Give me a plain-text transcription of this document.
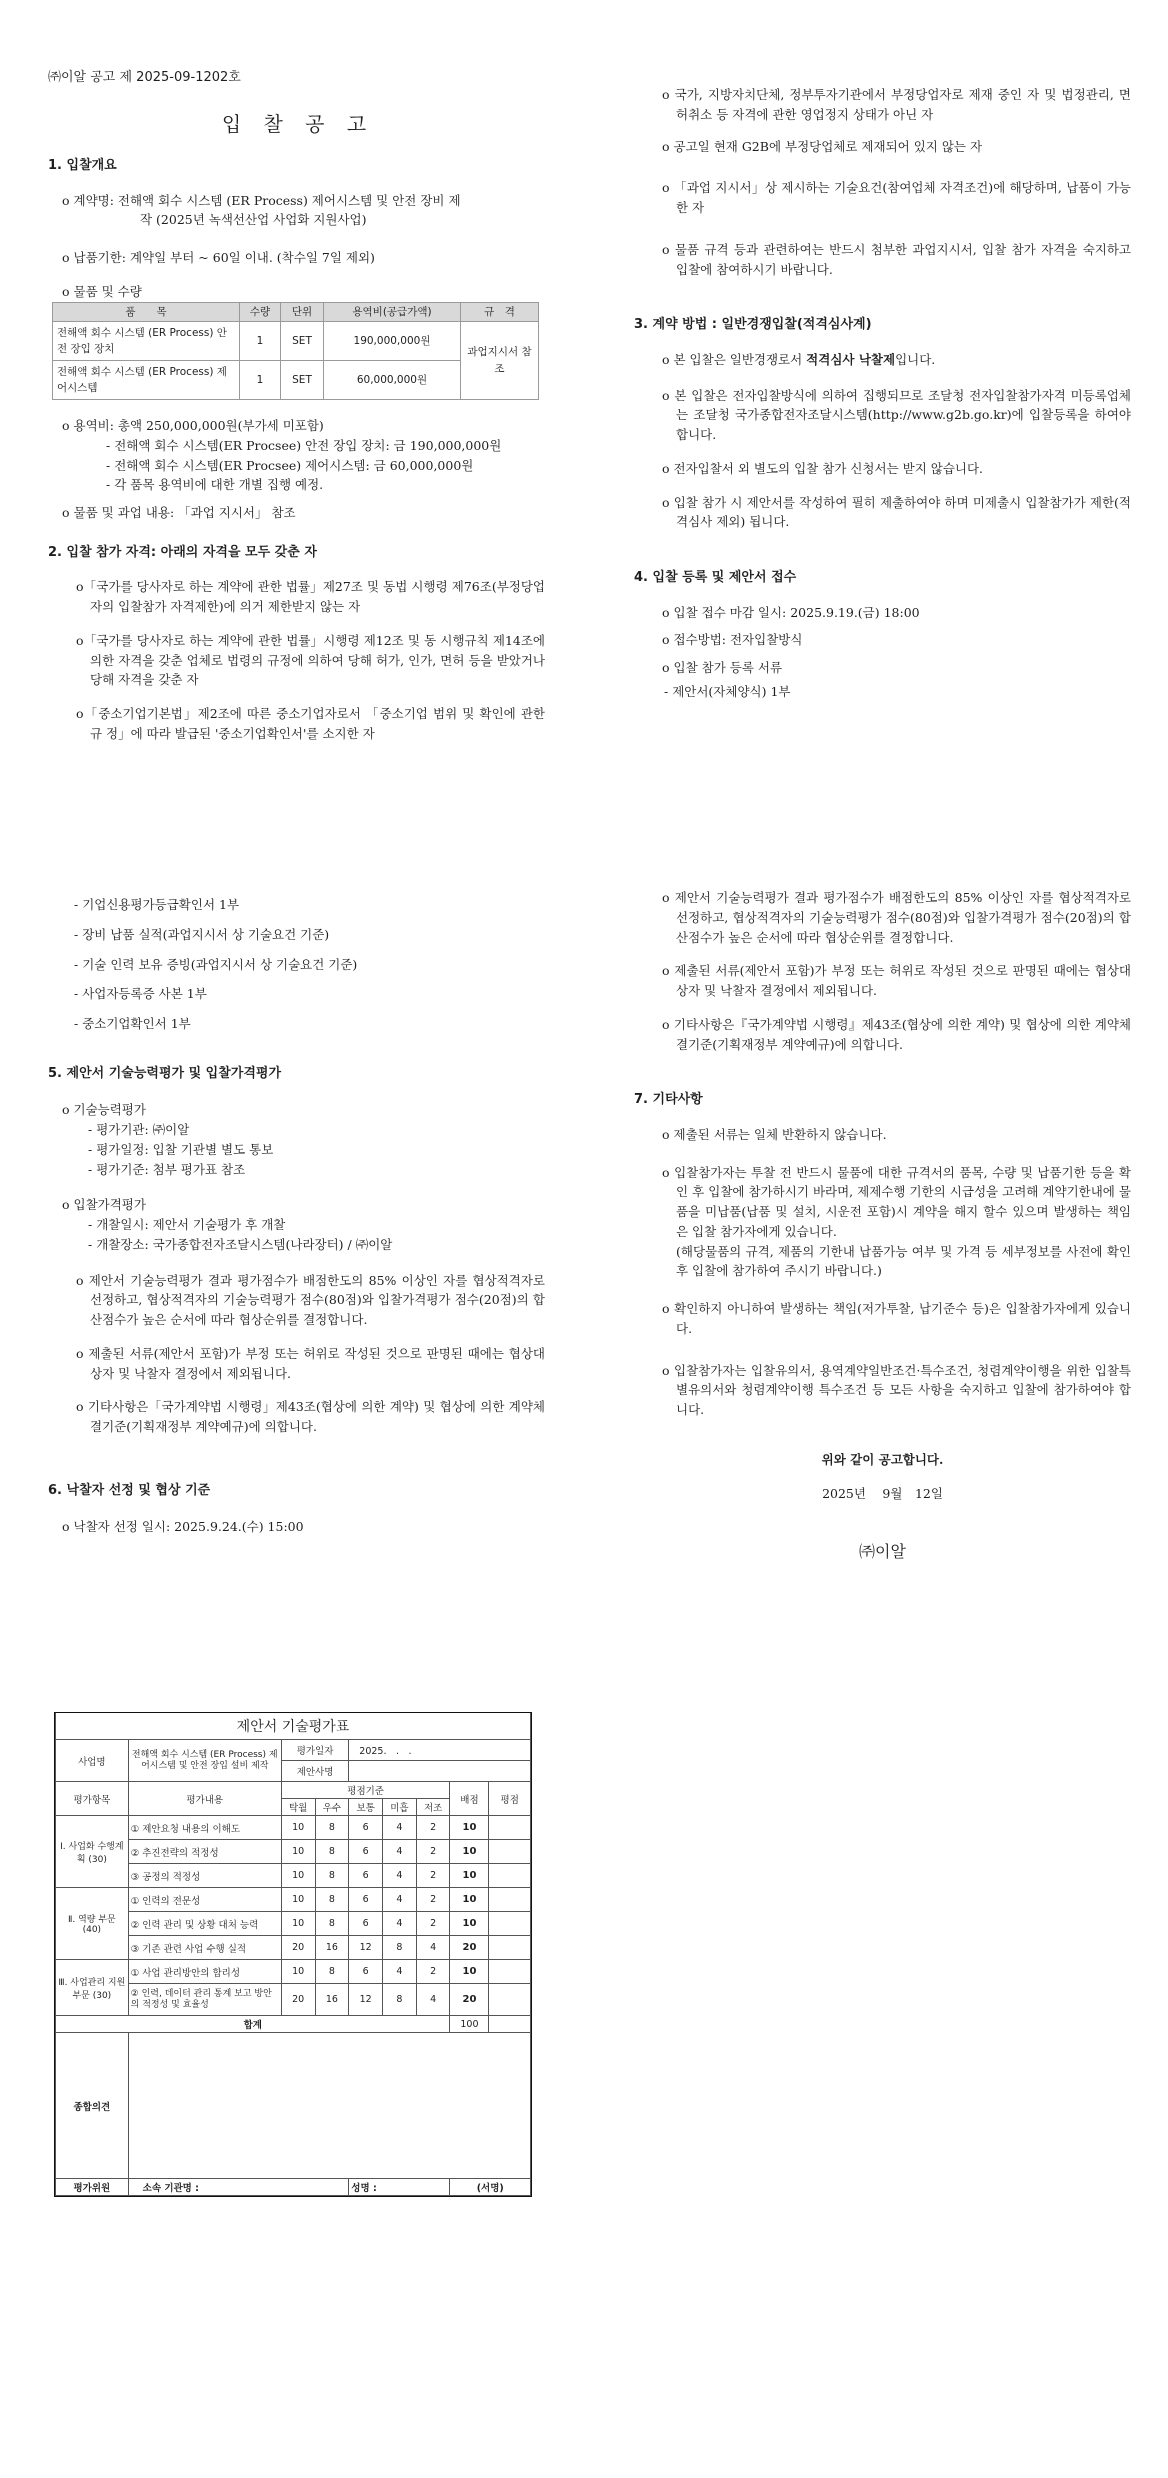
㈜이알 공고 제 2025-09-1202호
입 찰 공 고

1. 입찰개요

o 계약명: 전해액 회수 시스템 (ER Process) 제어시스템 및 안전 장비 제

작 (2025년 녹색선산업 사업화 지원사업)

o 납품기한: 계약일 부터 ~ 60일 이내. (착수일 7일 제외)

o 물품 및 수량

품　　목	수량	단위	용역비(공급가액)	규　격
전해액 회수 시스템 (ER Process) 안전 장입 장치	1	SET	190,000,000원	과업지시서 참조
전해액 회수 시스템 (ER Process) 제어시스템	1	SET	60,000,000원	

o 용역비: 총액 250,000,000원(부가세 미포함)

- 전해액 회수 시스템(ER Procsee) 안전 장입 장치: 금 190,000,000원

- 전해액 회수 시스템(ER Procsee) 제어시스템: 금 60,000,000원

- 각 품목 용역비에 대한 개별 집행 예정.

o 물품 및 과업 내용: 「과업 지시서」 참조

2. 입찰 참가 자격: 아래의 자격을 모두 갖춘 자

o「국가를 당사자로 하는 계약에 관한 법률」제27조 및 동법 시행령 제76조(부정당업자의 입찰참가 자격제한)에 의거 제한받지 않는 자

o「국가를 당사자로 하는 계약에 관한 법률」시행령 제12조 및 동 시행규칙 제14조에 의한 자격을 갖춘 업체로 법령의 규정에 의하여 당해 허가, 인가, 면허 등을 받았거나 당해 자격을 갖춘 자

o「중소기업기본법」제2조에 따른 중소기업자로서 「중소기업 범위 및 확인에 관한 규 정」에 따라 발급된 '중소기업확인서'를 소지한 자

o 국가, 지방자치단체, 정부투자기관에서 부정당업자로 제재 중인 자 및 법정관리, 면허취소 등 자격에 관한 영업정지 상태가 아닌 자

o 공고일 현재 G2B에 부정당업체로 제재되어 있지 않는 자

o 「과업 지시서」상 제시하는 기술요건(참여업체 자격조건)에 해당하며, 납품이 가능한 자

o 물품 규격 등과 관련하여는 반드시 첨부한 과업지시서, 입찰 참가 자격을 숙지하고 입찰에 참여하시기 바랍니다.

3. 계약 방법 : 일반경쟁입찰(적격심사계)

o 본 입찰은 일반경쟁로서 적격심사 낙찰제입니다.

o 본 입찰은 전자입찰방식에 의하여 집행되므로 조달청 전자입찰참가자격 미등록업체는 조달청 국가종합전자조달시스템(http://www.g2b.go.kr)에 입찰등록을 하여야 합니다.

o 전자입찰서 외 별도의 입찰 참가 신청서는 받지 않습니다.

o 입찰 참가 시 제안서를 작성하여 필히 제출하여야 하며 미제출시 입찰참가가 제한(적격심사 제외) 됩니다.

4. 입찰 등록 및 제안서 접수

o 입찰 접수 마감 일시: 2025.9.19.(금) 18:00

o 접수방법: 전자입찰방식

o 입찰 참가 등록 서류

- 제안서(자체양식) 1부

- 기업신용평가등급확인서 1부

- 장비 납품 실적(과업지시서 상 기술요건 기준)

- 기술 인력 보유 증빙(과업지시서 상 기술요건 기준)

- 사업자등록증 사본 1부

- 중소기업확인서 1부

5. 제안서 기술능력평가 및 입찰가격평가

o 기술능력평가

- 평가기관: ㈜이알

- 평가일정: 입찰 기관별 별도 통보

- 평가기준: 첨부 평가표 참조

o 입찰가격평가

- 개찰일시: 제안서 기술평가 후 개찰

- 개찰장소: 국가종합전자조달시스템(나라장터) / ㈜이알

o 제안서 기술능력평가 결과 평가점수가 배점한도의 85% 이상인 자를 협상적격자로 선정하고, 협상적격자의 기술능력평가 점수(80점)와 입찰가격평가 점수(20점)의 합산점수가 높은 순서에 따라 협상순위를 결정합니다.

o 제출된 서류(제안서 포함)가 부정 또는 허위로 작성된 것으로 판명된 때에는 협상대 상자 및 낙찰자 결정에서 제외됩니다.

o 기타사항은「국가계약법 시행령」제43조(협상에 의한 계약) 및 협상에 의한 계약체 결기준(기획재정부 계약예규)에 의합니다.

6. 낙찰자 선정 및 협상 기준

o 낙찰자 선정 일시: 2025.9.24.(수) 15:00

o 제안서 기술능력평가 결과 평가점수가 배점한도의 85% 이상인 자를 협상적격자로 선정하고, 협상적격자의 기술능력평가 점수(80점)와 입찰가격평가 점수(20점)의 합산점수가 높은 순서에 따라 협상순위를 결정합니다.

o 제출된 서류(제안서 포함)가 부정 또는 허위로 작성된 것으로 판명된 때에는 협상대 상자 및 낙찰자 결정에서 제외됩니다.

o 기타사항은『국가계약법 시행령』제43조(협상에 의한 계약) 및 협상에 의한 계약체 결기준(기획재정부 계약예규)에 의합니다.

7. 기타사항

o 제출된 서류는 일체 반환하지 않습니다.

o 입찰참가자는 투찰 전 반드시 물품에 대한 규격서의 품목, 수량 및 납품기한 등을 확인 후 입찰에 참가하시기 바라며, 제제수행 기한의 시급성을 고려해 계약기한내에 물품을 미납품(납품 및 설치, 시운전 포함)시 계약을 해지 할수 있으며 발생하는 책임은 입찰 참가자에게 있습니다.

(해당물품의 규격, 제품의 기한내 납품가능 여부 및 가격 등 세부정보를 사전에 확인 후 입찰에 참가하여 주시기 바랍니다.)

o 확인하지 아니하여 발생하는 책임(저가투찰, 납기준수 등)은 입찰참가자에게 있습니다.

o 입찰참가자는 입찰유의서, 용역계약일반조건·특수조건, 청렴계약이행을 위한 입찰특별유의서와 청렴계약이행 특수조건 등 모든 사항을 숙지하고 입찰에 참가하여야 합니다.

위와 같이 공고합니다.

2025년　 9월　12일

㈜이알

제안서 기술평가표								
사업명	전해액 회수 시스템 (ER Process) 제어시스템 및 안전 장입 설비 제작	평가일자		2025.　.　.				
		제안사명						
평가항목	평가내용	평점기준					배점	평점
		탁월	우수	보통	미흡	저조		
Ⅰ. 사업화 수행계획 (30)	① 제안요청 내용의 이해도	10	8	6	4	2	10	
	② 추진전략의 적정성	10	8	6	4	2	10	
	③ 공정의 적정성	10	8	6	4	2	10	
Ⅱ. 역량 부문 (40)	① 인력의 전문성	10	8	6	4	2	10	
	② 인력 관리 및 상황 대처 능력	10	8	6	4	2	10	
	③ 기존 관련 사업 수행 실적	20	16	12	8	4	20	
Ⅲ. 사업관리 지원부문 (30)	① 사업 관리방안의 합리성	10	8	6	4	2	10	
	② 인력, 데이터 관리 통계 보고 방안의 적정성 및 효율성	20	16	12	8	4	20	
합계							100	
종합의견								
평가위원	소속 기관명 :			성명 :			(서명)	
